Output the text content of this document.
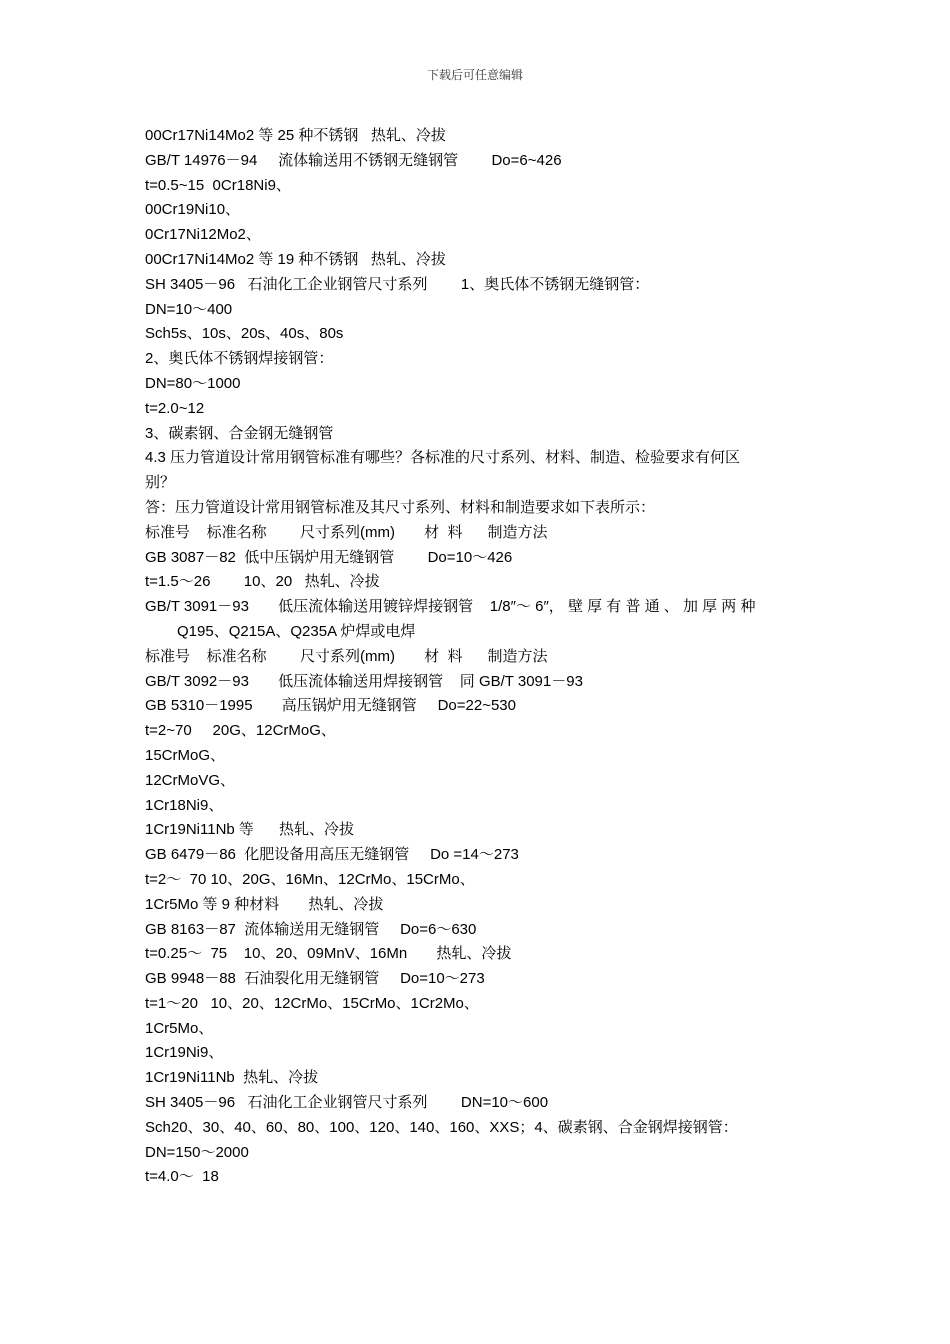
下载后可任意编辑
00Cr17Ni14Mo2 等 25 种不锈钢   热轧、冷拔
GB/T 14976－94     流体输送用不锈钢无缝钢管        Do=6~426
t=0.5~15  0Cr18Ni9、
00Cr19Ni10、
0Cr17Ni12Mo2、
00Cr17Ni14Mo2 等 19 种不锈钢   热轧、冷拔
SH 3405－96   石油化工企业钢管尺寸系列        1、奥氏体不锈钢无缝钢管：
DN=10～400
Sch5s、10s、20s、40s、80s
2、奥氏体不锈钢焊接钢管：
DN=80～1000
t=2.0~12
3、碳素钢、合金钢无缝钢管
4.3 压力管道设计常用钢管标准有哪些？各标准的尺寸系列、材料、制造、检验要求有何区
别？
答：压力管道设计常用钢管标准及其尺寸系列、材料和制造要求如下表所示：
标准号    标准名称        尺寸系列(mm)       材  料      制造方法
GB 3087－82  低中压锅炉用无缝钢管        Do=10～426
t=1.5～26        10、20   热轧、冷拔
GB/T 3091－93       低压流体输送用镀锌焊接钢管    1/8″～ 6″， 壁 厚 有 普 通 、 加 厚 两 种
Q195、Q215A、Q235A 炉焊或电焊
标准号    标准名称        尺寸系列(mm)       材  料      制造方法
GB/T 3092－93       低压流体输送用焊接钢管    同 GB/T 3091－93
GB 5310－1995       高压锅炉用无缝钢管     Do=22~530
t=2~70     20G、12CrMoG、
15CrMoG、
12CrMoVG、
1Cr18Ni9、
1Cr19Ni11Nb 等      热轧、冷拔
GB 6479－86  化肥设备用高压无缝钢管     Do =14～273
t=2～  70 10、20G、16Mn、12CrMo、15CrMo、
1Cr5Mo 等 9 种材料       热轧、冷拔
GB 8163－87  流体输送用无缝钢管     Do=6～630
t=0.25～  75    10、20、09MnV、16Mn       热轧、冷拔
GB 9948－88  石油裂化用无缝钢管     Do=10～273
t=1～20   10、20、12CrMo、15CrMo、1Cr2Mo、
1Cr5Mo、
1Cr19Ni9、
1Cr19Ni11Nb  热轧、冷拔
SH 3405－96   石油化工企业钢管尺寸系列        DN=10～600
Sch20、30、40、60、80、100、120、140、160、XXS；4、碳素钢、合金钢焊接钢管：
DN=150～2000
t=4.0～  18
